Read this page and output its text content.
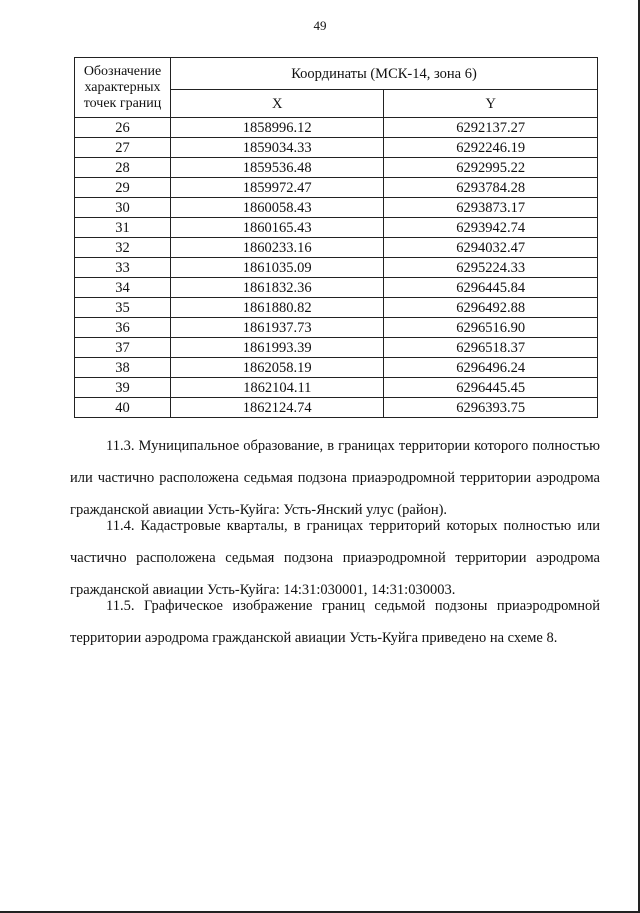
49
Обозначение характерных точек границ	Координаты (МСК-14, зона 6)	
	X	Y
26	1858996.12	6292137.27
27	1859034.33	6292246.19
28	1859536.48	6292995.22
29	1859972.47	6293784.28
30	1860058.43	6293873.17
31	1860165.43	6293942.74
32	1860233.16	6294032.47
33	1861035.09	6295224.33
34	1861832.36	6296445.84
35	1861880.82	6296492.88
36	1861937.73	6296516.90
37	1861993.39	6296518.37
38	1862058.19	6296496.24
39	1862104.11	6296445.45
40	1862124.74	6296393.75

11.3. Муниципальное образование, в границах территории которого полностью или частично расположена седьмая подзона приаэродромной территории аэродрома гражданской авиации Усть-Куйга: Усть-Янский улус (район).

11.4. Кадастровые кварталы, в границах территорий которых полностью или частично расположена седьмая подзона приаэродромной территории аэродрома гражданской авиации Усть-Куйга: 14:31:030001, 14:31:030003.

11.5. Графическое изображение границ седьмой подзоны приаэродромной территории аэродрома гражданской авиации Усть-Куйга приведено на схеме 8.
